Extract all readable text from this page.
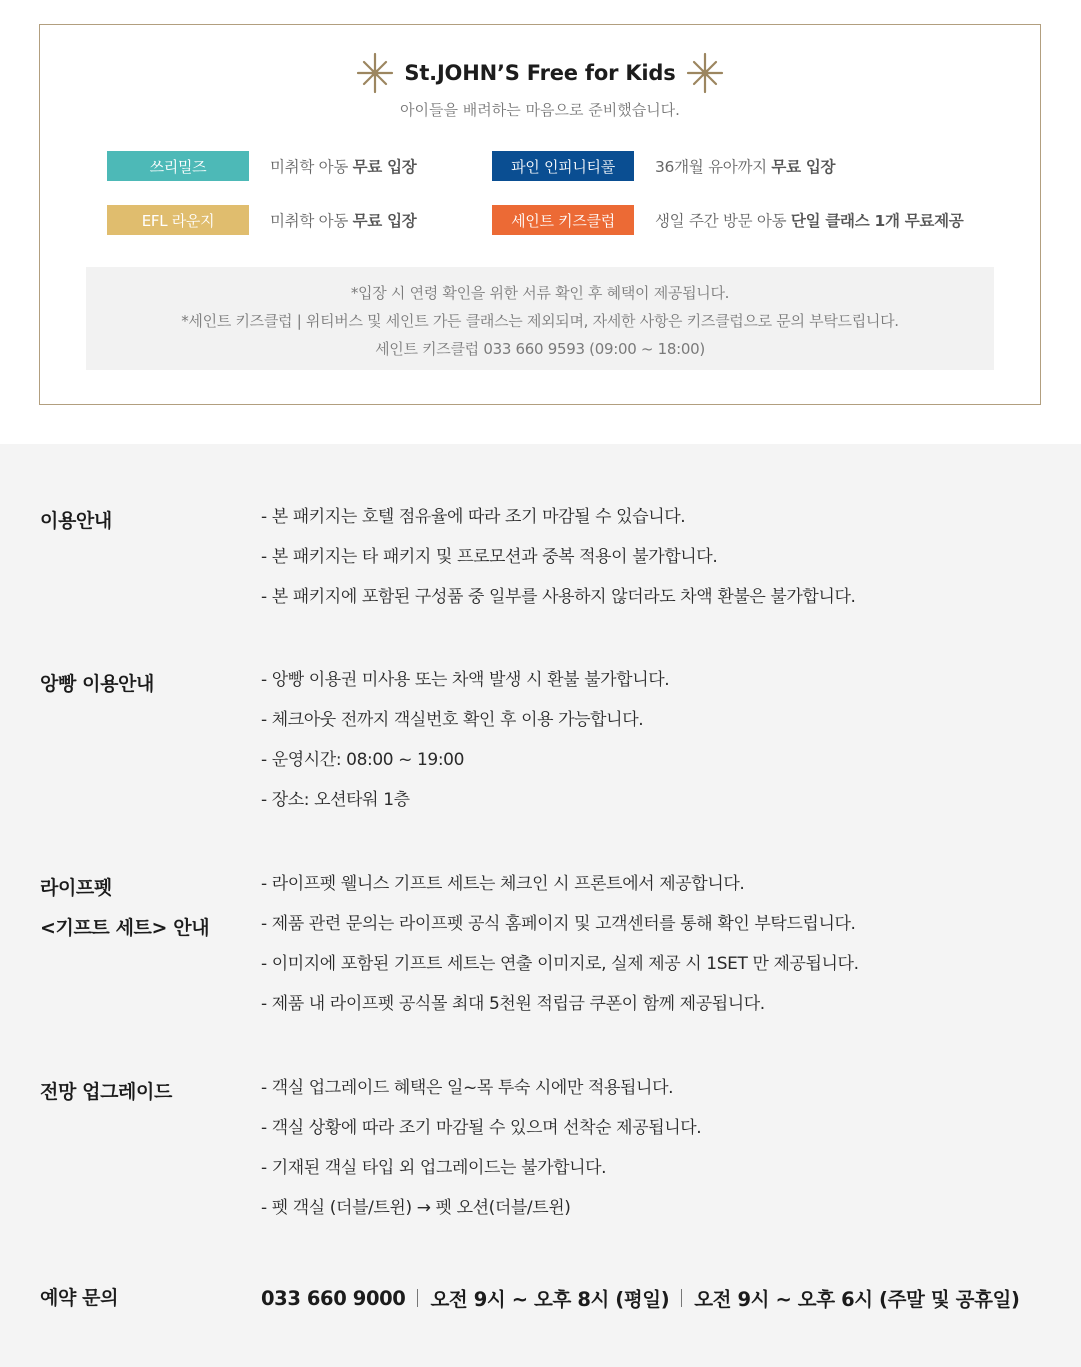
St.JOHN’S Free for Kids
아이들을 배려하는 마음으로 준비했습니다.
쓰리밀즈	미취학 아동 무료 입장	파인 인피니티풀	36개월 유아까지 무료 입장
EFL 라운지	미취학 아동 무료 입장	세인트 키즈클럽	생일 주간 방문 아동 단일 클래스 1개 무료제공

*입장 시 연령 확인을 위한 서류 확인 후 혜택이 제공됩니다.

*세인트 키즈클럽 | 위티버스 및 세인트 가든 클래스는 제외되며, 자세한 사항은 키즈클럽으로 문의 부탁드립니다.

세인트 키즈클럽 033 660 9593 (09:00 ~ 18:00)

이용안내	- 본 패키지는 호텔 점유율에 따라 조기 마감될 수 있습니다.
- 본 패키지는 타 패키지 및 프로모션과 중복 적용이 불가합니다.
- 본 패키지에 포함된 구성품 중 일부를 사용하지 않더라도 차액 환불은 불가합니다.
앙빵 이용안내	- 앙빵 이용권 미사용 또는 차액 발생 시 환불 불가합니다.
- 체크아웃 전까지 객실번호 확인 후 이용 가능합니다.
- 운영시간: 08:00 ~ 19:00
- 장소: 오션타워 1층
라이프펫
<기프트 세트> 안내
- 라이프펫 웰니스 기프트 세트는 체크인 시 프론트에서 제공합니다.
- 제품 관련 문의는 라이프펫 공식 홈페이지 및 고객센터를 통해 확인 부탁드립니다.
- 이미지에 포함된 기프트 세트는 연출 이미지로, 실제 제공 시 1SET 만 제공됩니다.
- 제품 내 라이프펫 공식몰 최대 5천원 적립금 쿠폰이 함께 제공됩니다.
전망 업그레이드	- 객실 업그레이드 혜택은 일~목 투숙 시에만 적용됩니다.
- 객실 상황에 따라 조기 마감될 수 있으며 선착순 제공됩니다.
- 기재된 객실 타입 외 업그레이드는 불가합니다.
- 펫 객실 (더블/트윈) → 펫 오션(더블/트윈)
예약 문의	033 660 9000 오전 9시 ~ 오후 8시 (평일) 오전 9시 ~ 오후 6시 (주말 및 공휴일)
